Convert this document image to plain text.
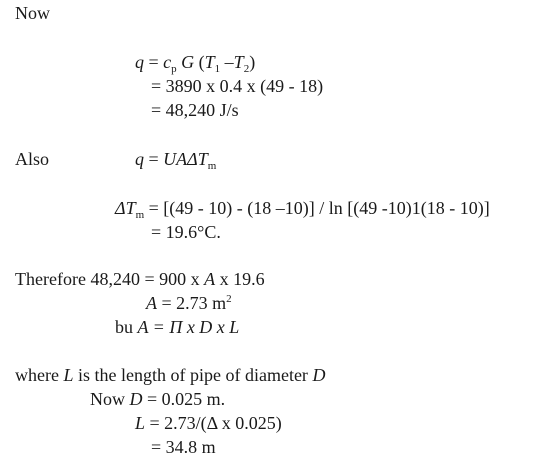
Now
$q = c_p$ G ($T_1$ $-T_2$)
= 3890 x 0.4 x (49 - 18)
= 48,240 J/s
Also	$q = UA\Delta T_m$
$\Delta T_m = [(49 - 10) - (18$ –10)] / ln [(49 -10)1(18 - 10)]
= 19.6°C.
Therefore 48,240 = 900 x A x 19.6
A = 2.73 $m^2$
bu A = Π x D x L
where L is the length of pipe of diameter D
Now D = 0.025 m.
L = 2.73/(Δ x 0.025)
= 34.8 m
